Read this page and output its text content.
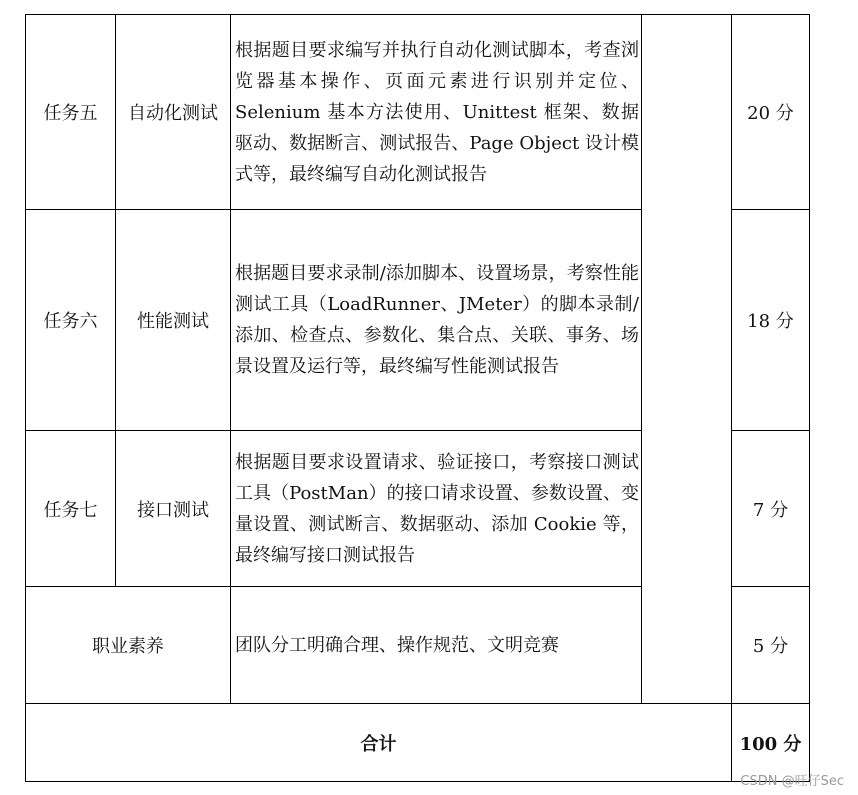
任务五	自动化测试	根据题目要求编写并执行自动化测试脚本，考查浏览器基本操作、页面元素进行识别并定位、Selenium 基本方法使用、Unittest 框架、数据驱动、数据断言、测试报告、Page Object 设计模式等，最终编写自动化测试报告		20 分
任务六	性能测试	根据题目要求录制/添加脚本、设置场景，考察性能测试工具（LoadRunner、JMeter）的脚本录制/添加、检查点、参数化、集合点、关联、事务、场景设置及运行等，最终编写性能测试报告		18 分
任务七	接口测试	根据题目要求设置请求、验证接口，考察接口测试工具（PostMan）的接口请求设置、参数设置、变量设置、测试断言、数据驱动、添加 Cookie 等，最终编写接口测试报告		7 分
职业素养		团队分工明确合理、操作规范、文明竞赛		5 分
合计				100 分
CSDN @旺仔Sec
